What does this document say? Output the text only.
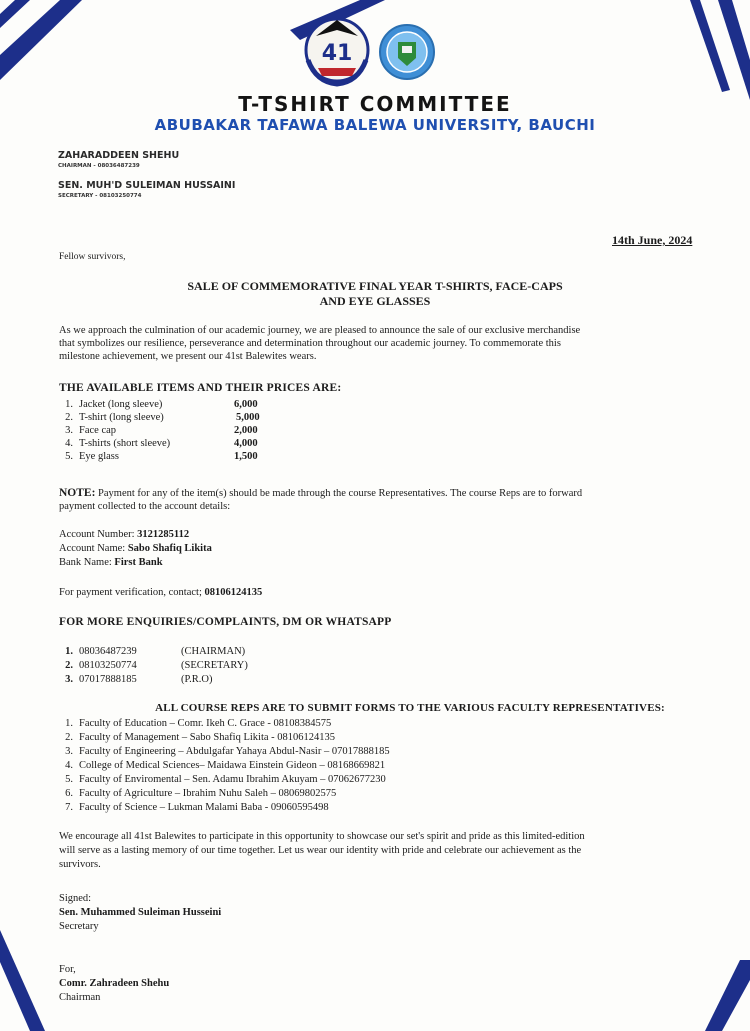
41
T-TSHIRT COMMITTEE
ABUBAKAR TAFAWA BALEWA UNIVERSITY, BAUCHI
ZAHARADDEEN SHEHU
CHAIRMAN - 08036487239
SEN. MUH'D SULEIMAN HUSSAINI
SECRETARY - 08103250774
14th June, 2024
Fellow survivors,
SALE OF COMMEMORATIVE FINAL YEAR T-SHIRTS, FACE-CAPS
AND EYE GLASSES
As we approach the culmination of our academic journey, we are pleased to announce the sale of our exclusive merchandise
that symbolizes our resilience, perseverance and determination throughout our academic journey. To commemorate this
milestone achievement, we present our 41st Balewites wears.
THE AVAILABLE ITEMS AND THEIR PRICES ARE:
1. Jacket (long sleeve)	6,000
2. T-shirt (long sleeve)	5,000
3. Face cap	2,000
4. T-shirts (short sleeve)	4,000
5. Eye glass	1,500
NOTE: Payment for any of the item(s) should be made through the course Representatives. The course Reps are to forward
payment collected to the account details:
Account Number: 3121285112
Account Name: Sabo Shafiq Likita
Bank Name: First Bank
For payment verification, contact; 08106124135
FOR MORE ENQUIRIES/COMPLAINTS, DM OR WHATSAPP
1. 08036487239	(CHAIRMAN)
2. 08103250774	(SECRETARY)
3. 07017888185	(P.R.O)
ALL COURSE REPS ARE TO SUBMIT FORMS TO THE VARIOUS FACULTY REPRESENTATIVES:
1. Faculty of Education – Comr. Ikeh C. Grace - 08108384575
2. Faculty of Management – Sabo Shafiq Likita - 08106124135
3. Faculty of Engineering – Abdulgafar Yahaya Abdul-Nasir – 07017888185
4. College of Medical Sciences– Maidawa Einstein Gideon – 08168669821
5. Faculty of Enviromental – Sen. Adamu Ibrahim Akuyam – 07062677230
6. Faculty of Agriculture – Ibrahim Nuhu Saleh – 08069802575
7. Faculty of Science – Lukman Malami Baba - 09060595498
We encourage all 41st Balewites to participate in this opportunity to showcase our set's spirit and pride as this limited-edition
will serve as a lasting memory of our time together. Let us wear our identity with pride and celebrate our achievement as the
survivors.
Signed:
Sen. Muhammed Suleiman Husseini
Secretary
For,
Comr. Zahradeen Shehu
Chairman
